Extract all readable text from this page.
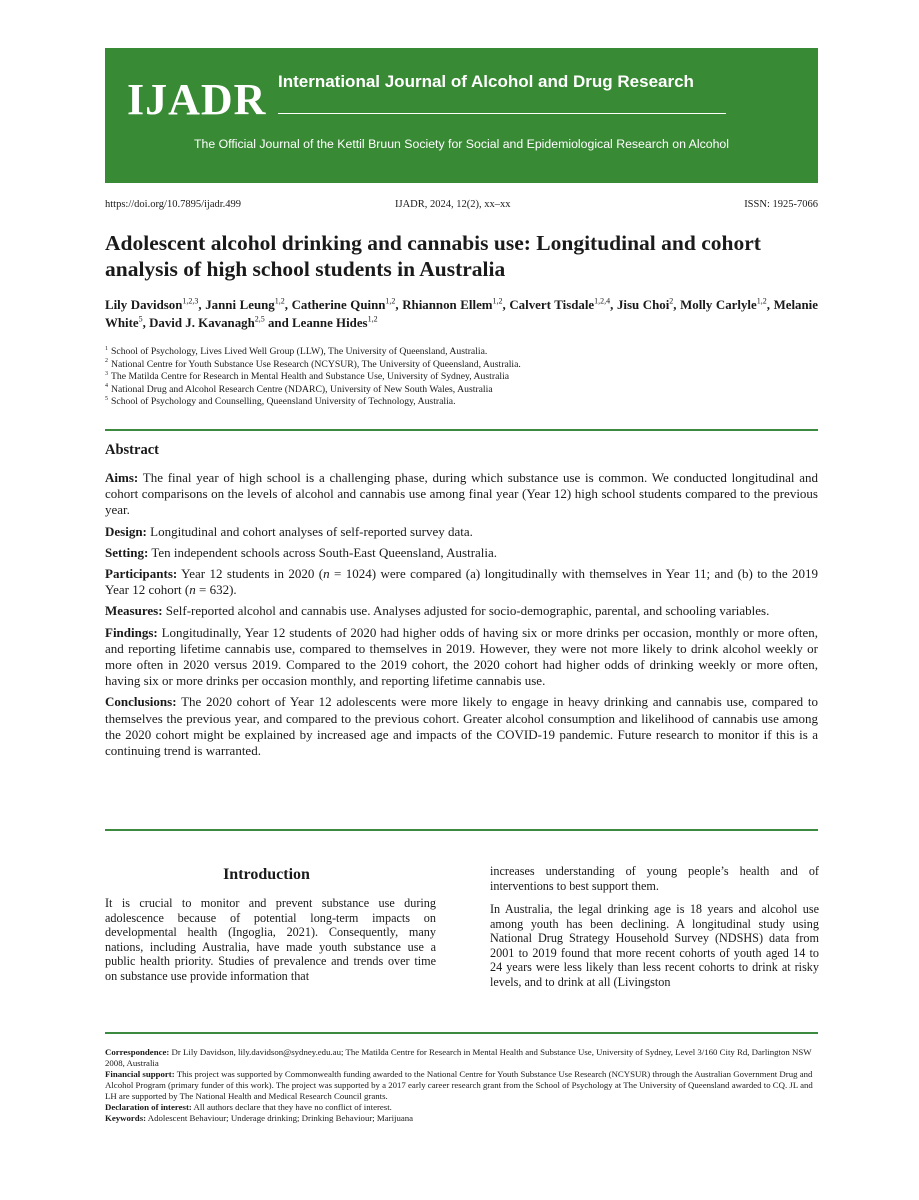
IJADR International Journal of Alcohol and Drug Research
The Official Journal of the Kettil Bruun Society for Social and Epidemiological Research on Alcohol
https://doi.org/10.7895/ijadr.499	IJADR, 2024, 12(2), xx–xx	ISSN: 1925-7066
Adolescent alcohol drinking and cannabis use: Longitudinal and cohort analysis of high school students in Australia
Lily Davidson$^{1,2,3}$, Janni Leung$^{1,2}$, Catherine Quinn$^{1,2}$, Rhiannon Ellem$^{1,2}$, Calvert Tisdale$^{1,2,4}$, Jisu Choi$^2$, Molly Carlyle$^{1,2}$, Melanie White$^5$, David J. Kavanagh$^{2,5}$ and Leanne Hides$^{1,2}$
$^1$ School of Psychology, Lives Lived Well Group (LLW), The University of Queensland, Australia.
$^2$ National Centre for Youth Substance Use Research (NCYSUR), The University of Queensland, Australia.
$^3$ The Matilda Centre for Research in Mental Health and Substance Use, University of Sydney, Australia
$^4$ National Drug and Alcohol Research Centre (NDARC), University of New South Wales, Australia
$^5$ School of Psychology and Counselling, Queensland University of Technology, Australia.
Abstract

Aims: The final year of high school is a challenging phase, during which substance use is common. We conducted longitudinal and cohort comparisons on the levels of alcohol and cannabis use among final year (Year 12) high school students compared to the previous year.

Design: Longitudinal and cohort analyses of self-reported survey data.

Setting: Ten independent schools across South-East Queensland, Australia.

Participants: Year 12 students in 2020 (n = 1024) were compared (a) longitudinally with themselves in Year 11; and (b) to the 2019 Year 12 cohort (n = 632).

Measures: Self-reported alcohol and cannabis use. Analyses adjusted for socio-demographic, parental, and schooling variables.

Findings: Longitudinally, Year 12 students of 2020 had higher odds of having six or more drinks per occasion, monthly or more often, and reporting lifetime cannabis use, compared to themselves in 2019. However, they were not more likely to drink alcohol weekly or more often in 2020 versus 2019. Compared to the 2019 cohort, the 2020 cohort had higher odds of drinking weekly or more often, having six or more drinks per occasion monthly, and reporting lifetime cannabis use.

Conclusions: The 2020 cohort of Year 12 adolescents were more likely to engage in heavy drinking and cannabis use, compared to themselves the previous year, and compared to the previous cohort. Greater alcohol consumption and likelihood of cannabis use among the 2020 cohort might be explained by increased age and impacts of the COVID-19 pandemic. Future research to monitor if this is a continuing trend is warranted.

Introduction

It is crucial to monitor and prevent substance use during adolescence because of potential long-term impacts on developmental health (Ingoglia, 2021). Consequently, many nations, including Australia, have made youth substance use a public health priority. Studies of prevalence and trends over time on substance use provide information that

increases understanding of young people’s health and of interventions to best support them.

In Australia, the legal drinking age is 18 years and alcohol use among youth has been declining. A longitudinal study using National Drug Strategy Household Survey (NDSHS) data from 2001 to 2019 found that more recent cohorts of youth aged 14 to 24 years were less likely than less recent cohorts to drink at risky levels, and to drink at all (Livingston

Correspondence: Dr Lily Davidson, lily.davidson@sydney.edu.au; The Matilda Centre for Research in Mental Health and Substance Use, University of Sydney, Level 3/160 City Rd, Darlington NSW 2008, Australia

Financial support: This project was supported by Commonwealth funding awarded to the National Centre for Youth Substance Use Research (NCYSUR) through the Australian Government Drug and Alcohol Program (primary funder of this work). The project was supported by a 2017 early career research grant from the School of Psychology at The University of Queensland awarded to CQ. JL and LH are supported by The National Health and Medical Research Council grants.

Declaration of interest: All authors declare that they have no conflict of interest.

Keywords: Adolescent Behaviour; Underage drinking; Drinking Behaviour; Marijuana
